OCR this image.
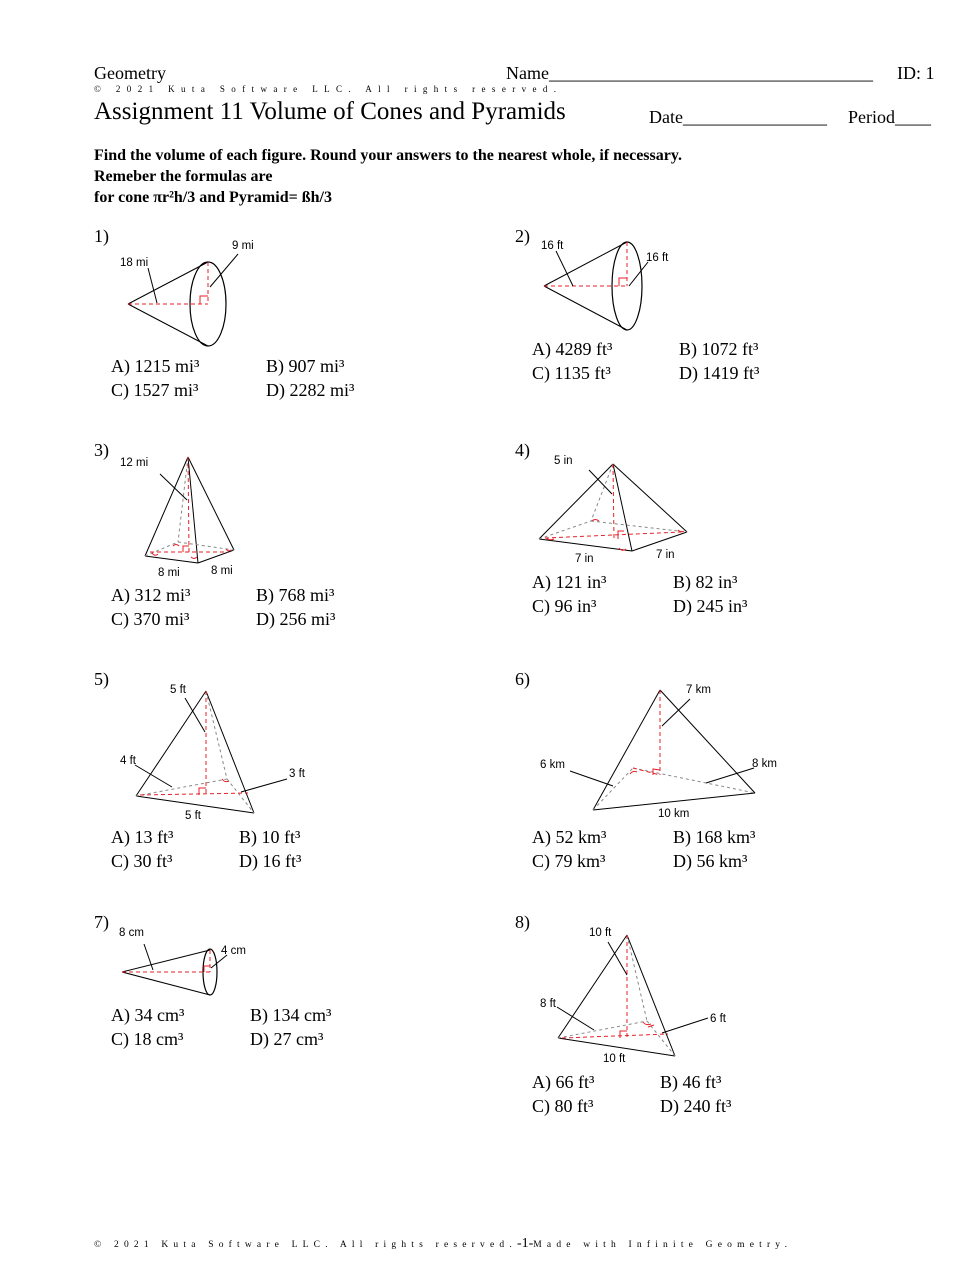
Geometry	Name____________________________________ ID: 1
© 2021 Kuta Software LLC. All rights reserved.
Assignment 11 Volume of Cones and Pyramids	Date________________ Period____
Find the volume of each figure. Round your answers to the nearest whole, if necessary.
Remeber the formulas are
for cone πr²h/3 and Pyramid= ßh/3
1)	9 mi
18 mi
A) 1215 mi³	B) 907 mi³
C) 1527 mi³	D) 2282 mi³
2) 16 ft
16 ft
A) 4289 ft³	B) 1072 ft³
C) 1135 ft³	D) 1419 ft³
3)
12 mi
8 mi	8 mi
A) 312 mi³	B) 768 mi³
C) 370 mi³	D) 256 mi³
4)
5 in
7 in	7 in
A) 121 in³	B) 82 in³
C) 96 in³	D) 245 in³
5)
5 ft
4 ft
3 ft
5 ft
A) 13 ft³	B) 10 ft³
C) 30 ft³	D) 16 ft³
6)
7 km
6 km	8 km
10 km
A) 52 km³	B) 168 km³
C) 79 km³	D) 56 km³
7)
8 cm
4 cm
A) 34 cm³	B) 134 cm³
C) 18 cm³	D) 27 cm³
8)
10 ft
8 ft
6 ft
10 ft
A) 66 ft³	B) 46 ft³
C) 80 ft³	D) 240 ft³
© 2021 Kuta Software LLC. All rights reserved.-1-Made with Infinite Geometry.
